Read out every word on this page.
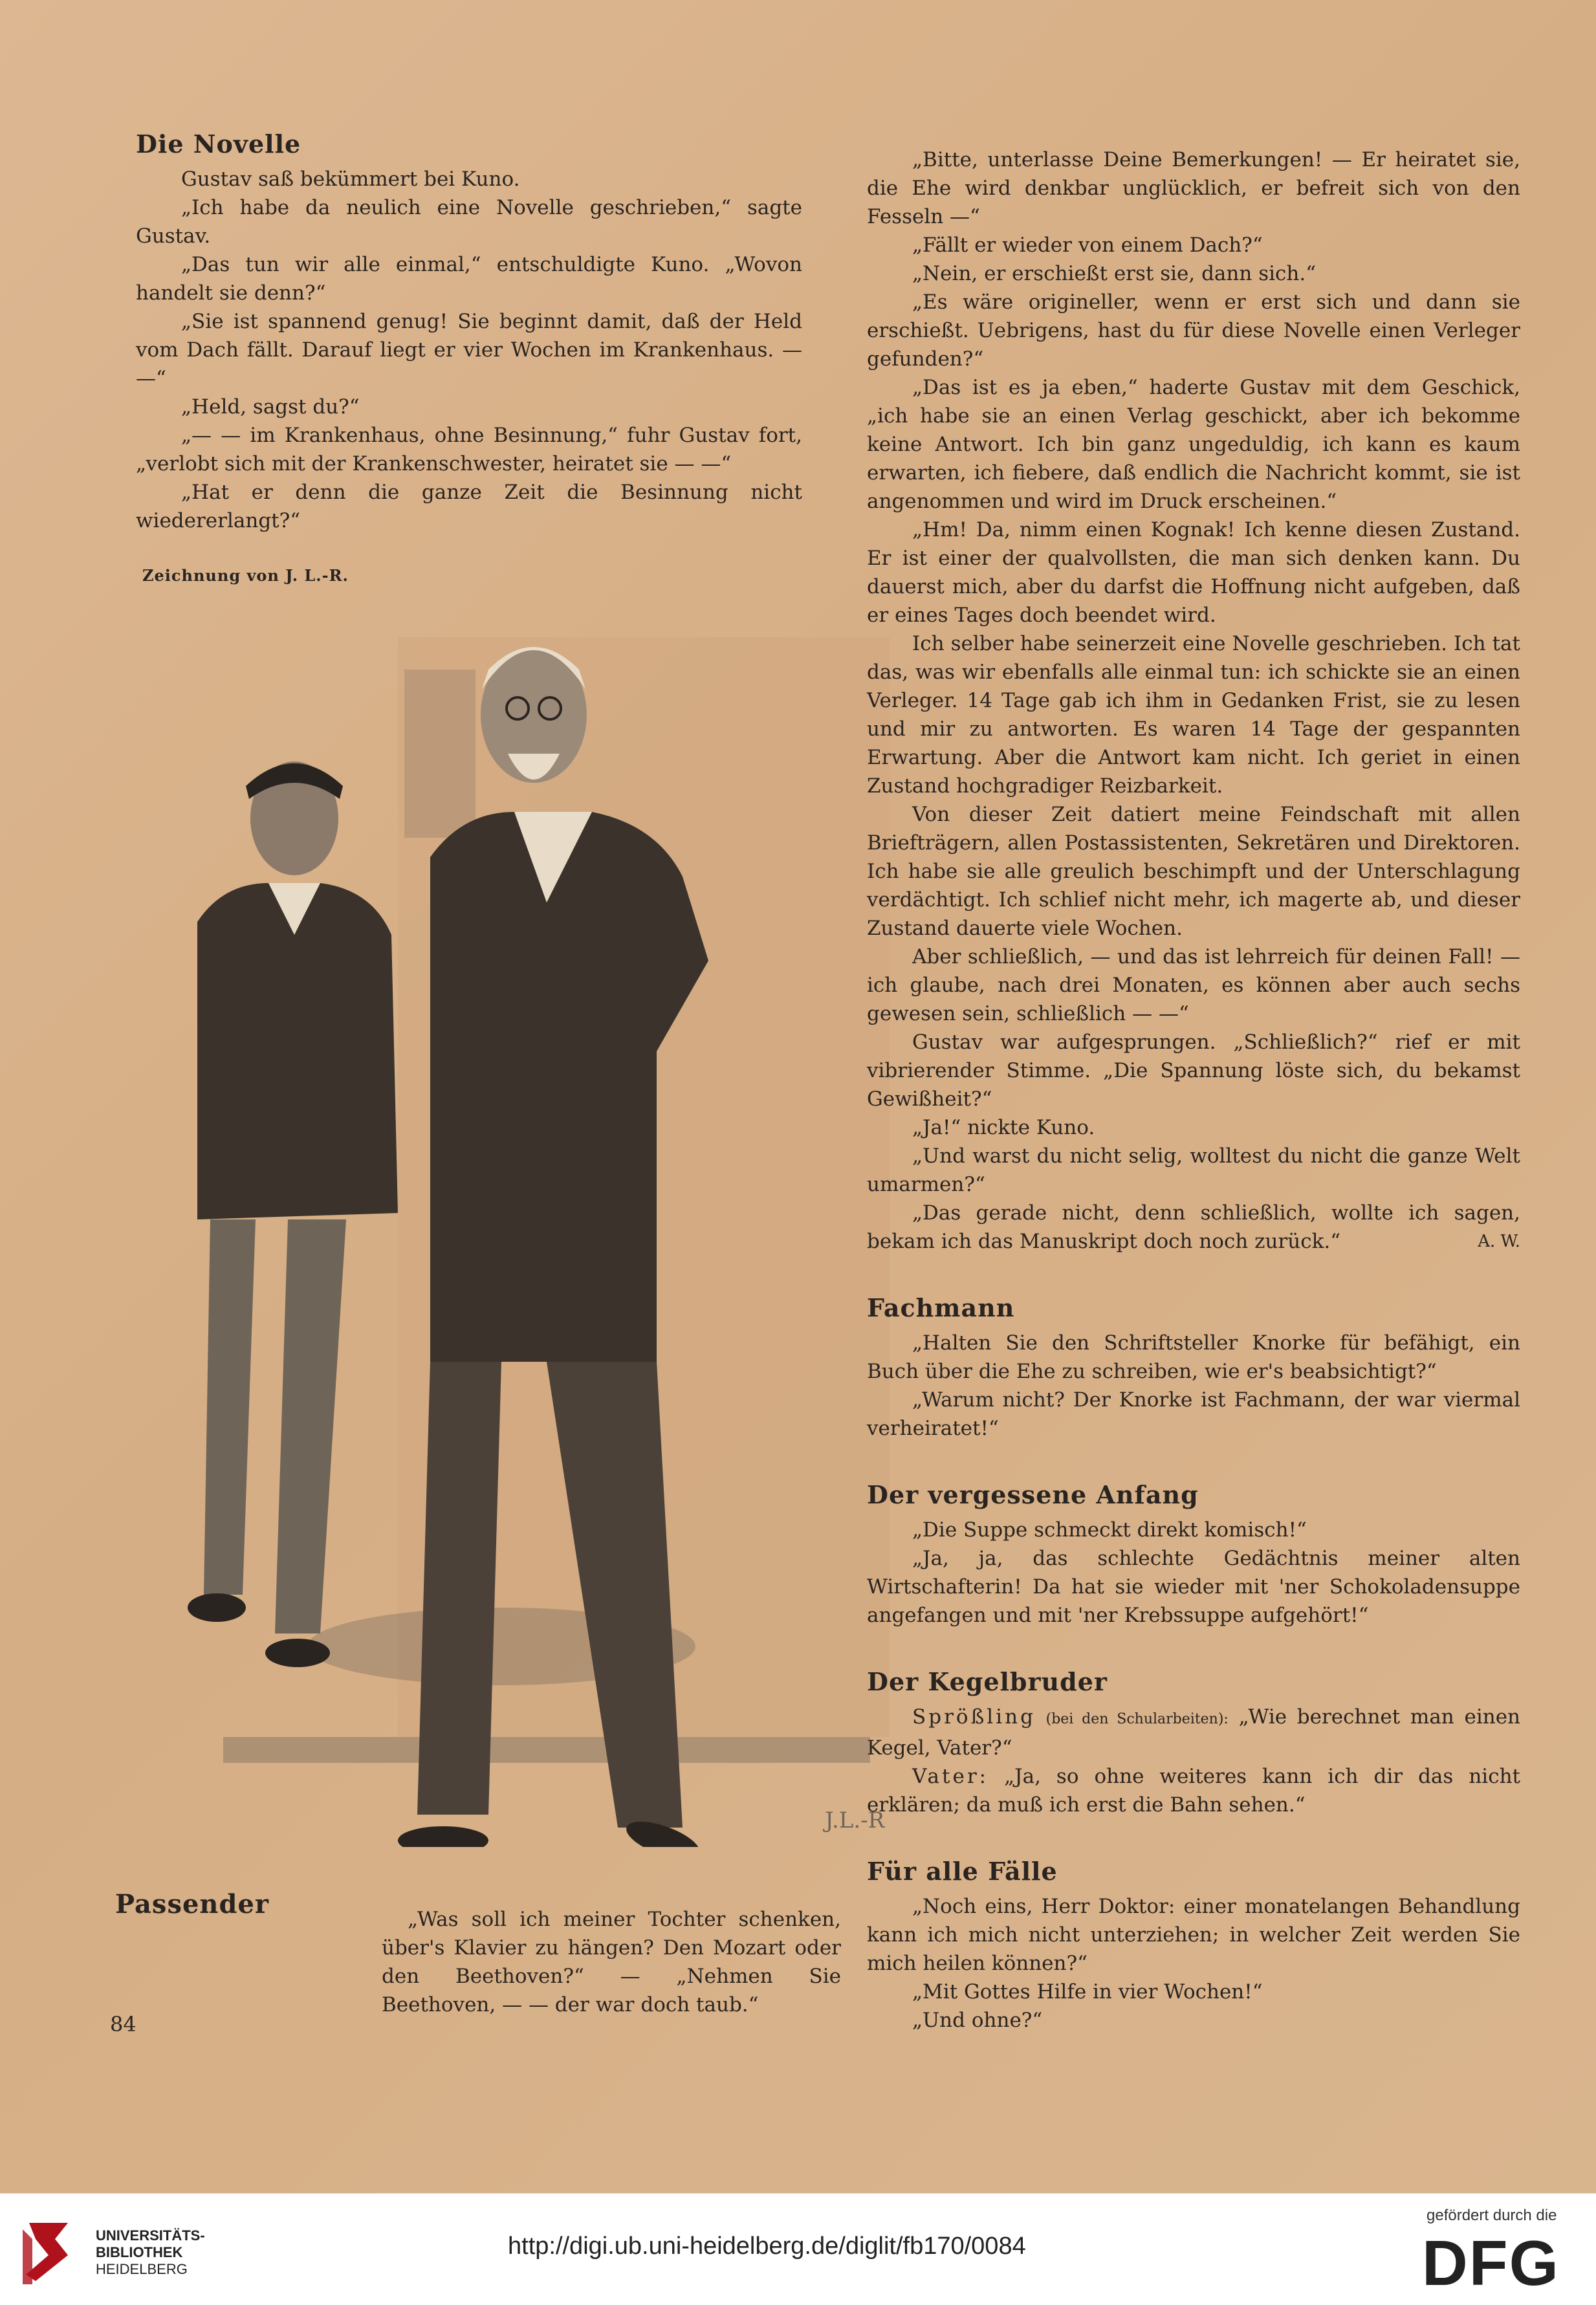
Die Novelle

Gustav saß bekümmert bei Kuno.

„Ich habe da neulich eine Novelle geschrieben,“ sagte Gustav.

„Das tun wir alle einmal,“ entschuldigte Kuno. „Wovon handelt sie denn?“

„Sie ist spannend genug! Sie beginnt damit, daß der Held vom Dach fällt. Darauf liegt er vier Wochen im Krankenhaus. — —“

„Held, sagst du?“

„— — im Krankenhaus, ohne Besinnung,“ fuhr Gustav fort, „verlobt sich mit der Krankenschwester, heiratet sie — —“

„Hat er denn die ganze Zeit die Besinnung nicht wiedererlangt?“

Zeichnung von J. L.-R.
J.L.-R
Passender	„Was soll ich meiner Tochter schenken, über's Klavier zu hängen? Den Mozart oder den Beethoven?“ — „Nehmen Sie Beethoven, — — der war doch taub.“

84

„Bitte, unterlasse Deine Bemerkungen! — Er heiratet sie, die Ehe wird denkbar unglücklich, er befreit sich von den Fesseln —“

„Fällt er wieder von einem Dach?“

„Nein, er erschießt erst sie, dann sich.“

„Es wäre origineller, wenn er erst sich und dann sie erschießt. Uebrigens, hast du für diese Novelle einen Verleger gefunden?“

„Das ist es ja eben,“ haderte Gustav mit dem Geschick, „ich habe sie an einen Verlag geschickt, aber ich bekomme keine Antwort. Ich bin ganz ungeduldig, ich kann es kaum erwarten, ich fiebere, daß endlich die Nachricht kommt, sie ist angenommen und wird im Druck erscheinen.“

„Hm! Da, nimm einen Kognak! Ich kenne diesen Zustand. Er ist einer der qualvollsten, die man sich denken kann. Du dauerst mich, aber du darfst die Hoffnung nicht aufgeben, daß er eines Tages doch beendet wird.

Ich selber habe seinerzeit eine Novelle geschrieben. Ich tat das, was wir ebenfalls alle einmal tun: ich schickte sie an einen Verleger. 14 Tage gab ich ihm in Gedanken Frist, sie zu lesen und mir zu antworten. Es waren 14 Tage der gespannten Erwartung. Aber die Antwort kam nicht. Ich geriet in einen Zustand hochgradiger Reizbarkeit.

Von dieser Zeit datiert meine Feindschaft mit allen Briefträgern, allen Postassistenten, Sekretären und Direktoren. Ich habe sie alle greulich beschimpft und der Unterschlagung verdächtigt. Ich schlief nicht mehr, ich magerte ab, und dieser Zustand dauerte viele Wochen.

Aber schließlich, — und das ist lehrreich für deinen Fall! — ich glaube, nach drei Monaten, es können aber auch sechs gewesen sein, schließlich — —“

Gustav war aufgesprungen. „Schließlich?“ rief er mit vibrierender Stimme. „Die Spannung löste sich, du bekamst Gewißheit?“

„Ja!“ nickte Kuno.

„Und warst du nicht selig, wolltest du nicht die ganze Welt umarmen?“

„Das gerade nicht, denn schließlich, wollte ich sagen, bekam ich das Manuskript doch noch zurück.“	A. W.

Fachmann

„Halten Sie den Schriftsteller Knorke für befähigt, ein Buch über die Ehe zu schreiben, wie er's beabsichtigt?“

„Warum nicht? Der Knorke ist Fachmann, der war viermal verheiratet!“

Der vergessene Anfang

„Die Suppe schmeckt direkt komisch!“

„Ja, ja, das schlechte Gedächtnis meiner alten Wirtschafterin! Da hat sie wieder mit 'ner Schokoladensuppe angefangen und mit 'ner Krebssuppe aufgehört!“

Der Kegelbruder

Sprößling (bei den Schularbeiten): „Wie berechnet man einen Kegel, Vater?“

Vater: „Ja, so ohne weiteres kann ich dir das nicht erklären; da muß ich erst die Bahn sehen.“

Für alle Fälle

„Noch eins, Herr Doktor: einer monatelangen Behandlung kann ich mich nicht unterziehen; in welcher Zeit werden Sie mich heilen können?“

„Mit Gottes Hilfe in vier Wochen!“

„Und ohne?“

UNIVERSITÄTS-
BIBLIOTHEK
HEIDELBERG
http://digi.ub.uni-heidelberg.de/diglit/fb170/0084
gefördert durch die
DFG
